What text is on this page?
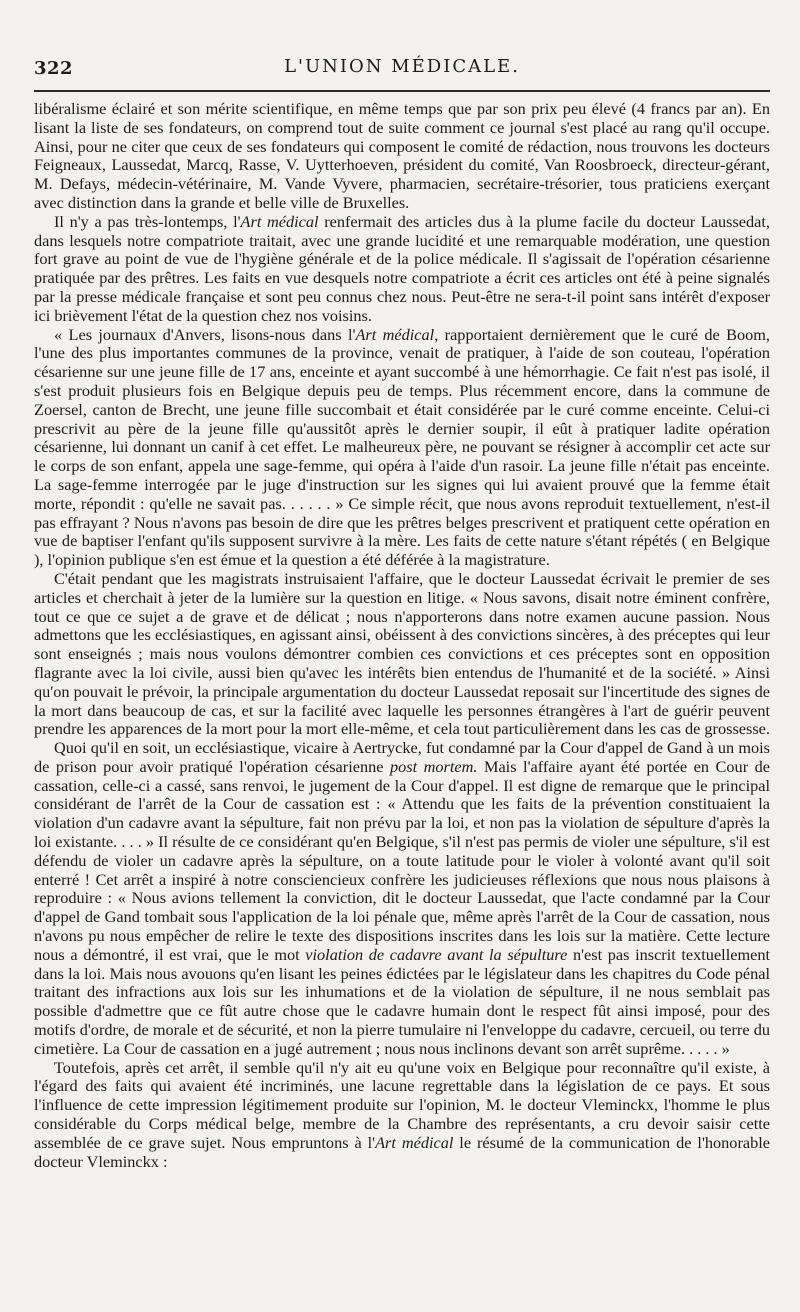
322	L'UNION MÉDICALE.

libéralisme éclairé et son mérite scientifique, en même temps que par son prix peu élevé (4 francs par an). En lisant la liste de ses fondateurs, on comprend tout de suite comment ce journal s'est placé au rang qu'il occupe. Ainsi, pour ne citer que ceux de ses fondateurs qui composent le comité de rédaction, nous trouvons les docteurs Feigneaux, Laussedat, Marcq, Rasse, V. Uytterhoeven, président du comité, Van Roosbroeck, directeur-gérant, M. Defays, médecin-vétérinaire, M. Vande Vyvere, pharmacien, secrétaire-trésorier, tous praticiens exerçant avec distinction dans la grande et belle ville de Bruxelles.

Il n'y a pas très-lontemps, l'Art médical renfermait des articles dus à la plume facile du docteur Laussedat, dans lesquels notre compatriote traitait, avec une grande lucidité et une remarquable modération, une question fort grave au point de vue de l'hygiène générale et de la police médicale. Il s'agissait de l'opération césarienne pratiquée par des prêtres. Les faits en vue desquels notre compatriote a écrit ces articles ont été à peine signalés par la presse médicale française et sont peu connus chez nous. Peut-être ne sera-t-il point sans intérêt d'exposer ici brièvement l'état de la question chez nos voisins.

« Les journaux d'Anvers, lisons-nous dans l'Art médical, rapportaient dernièrement que le curé de Boom, l'une des plus importantes communes de la province, venait de pratiquer, à l'aide de son couteau, l'opération césarienne sur une jeune fille de 17 ans, enceinte et ayant succombé à une hémorrhagie. Ce fait n'est pas isolé, il s'est produit plusieurs fois en Belgique depuis peu de temps. Plus récemment encore, dans la commune de Zoersel, canton de Brecht, une jeune fille succombait et était considérée par le curé comme enceinte. Celui-ci prescrivit au père de la jeune fille qu'aussitôt après le dernier soupir, il eût à pratiquer ladite opération césarienne, lui donnant un canif à cet effet. Le malheureux père, ne pouvant se résigner à accomplir cet acte sur le corps de son enfant, appela une sage-femme, qui opéra à l'aide d'un rasoir. La jeune fille n'était pas enceinte. La sage-femme interrogée par le juge d'instruction sur les signes qui lui avaient prouvé que la femme était morte, répondit : qu'elle ne savait pas. . . . . . » Ce simple récit, que nous avons reproduit textuellement, n'est-il pas effrayant ? Nous n'avons pas besoin de dire que les prêtres belges prescrivent et pratiquent cette opération en vue de baptiser l'enfant qu'ils supposent survivre à la mère. Les faits de cette nature s'étant répétés ( en Belgique ), l'opinion publique s'en est émue et la question a été déférée à la magistrature.

C'était pendant que les magistrats instruisaient l'affaire, que le docteur Laussedat écrivait le premier de ses articles et cherchait à jeter de la lumière sur la question en litige. « Nous savons, disait notre éminent confrère, tout ce que ce sujet a de grave et de délicat ; nous n'apporterons dans notre examen aucune passion. Nous admettons que les ecclésiastiques, en agissant ainsi, obéissent à des convictions sincères, à des préceptes qui leur sont enseignés ; mais nous voulons démontrer combien ces convictions et ces préceptes sont en opposition flagrante avec la loi civile, aussi bien qu'avec les intérêts bien entendus de l'humanité et de la société. » Ainsi qu'on pouvait le prévoir, la principale argumentation du docteur Laussedat reposait sur l'incertitude des signes de la mort dans beaucoup de cas, et sur la facilité avec laquelle les personnes étrangères à l'art de guérir peuvent prendre les apparences de la mort pour la mort elle-même, et cela tout particulièrement dans les cas de grossesse.

Quoi qu'il en soit, un ecclésiastique, vicaire à Aertrycke, fut condamné par la Cour d'appel de Gand à un mois de prison pour avoir pratiqué l'opération césarienne post mortem. Mais l'affaire ayant été portée en Cour de cassation, celle-ci a cassé, sans renvoi, le jugement de la Cour d'appel. Il est digne de remarque que le principal considérant de l'arrêt de la Cour de cassation est : « Attendu que les faits de la prévention constituaient la violation d'un cadavre avant la sépulture, fait non prévu par la loi, et non pas la violation de sépulture d'après la loi existante. . . . » Il résulte de ce considérant qu'en Belgique, s'il n'est pas permis de violer une sépulture, s'il est défendu de violer un cadavre après la sépulture, on a toute latitude pour le violer à volonté avant qu'il soit enterré ! Cet arrêt a inspiré à notre consciencieux confrère les judicieuses réflexions que nous nous plaisons à reproduire : « Nous avions tellement la conviction, dit le docteur Laussedat, que l'acte condamné par la Cour d'appel de Gand tombait sous l'application de la loi pénale que, même après l'arrêt de la Cour de cassation, nous n'avons pu nous empêcher de relire le texte des dispositions inscrites dans les lois sur la matière. Cette lecture nous a démontré, il est vrai, que le mot violation de cadavre avant la sépulture n'est pas inscrit textuellement dans la loi. Mais nous avouons qu'en lisant les peines édictées par le législateur dans les chapitres du Code pénal traitant des infractions aux lois sur les inhumations et de la violation de sépulture, il ne nous semblait pas possible d'admettre que ce fût autre chose que le cadavre humain dont le respect fût ainsi imposé, pour des motifs d'ordre, de morale et de sécurité, et non la pierre tumulaire ni l'enveloppe du cadavre, cercueil, ou terre du cimetière. La Cour de cassation en a jugé autrement ; nous nous inclinons devant son arrêt suprême. . . . . »

Toutefois, après cet arrêt, il semble qu'il n'y ait eu qu'une voix en Belgique pour reconnaître qu'il existe, à l'égard des faits qui avaient été incriminés, une lacune regrettable dans la législation de ce pays. Et sous l'influence de cette impression légitimement produite sur l'opinion, M. le docteur Vleminckx, l'homme le plus considérable du Corps médical belge, membre de la Chambre des représentants, a cru devoir saisir cette assemblée de ce grave sujet. Nous empruntons à l'Art médical le résumé de la communication de l'honorable docteur Vleminckx :
